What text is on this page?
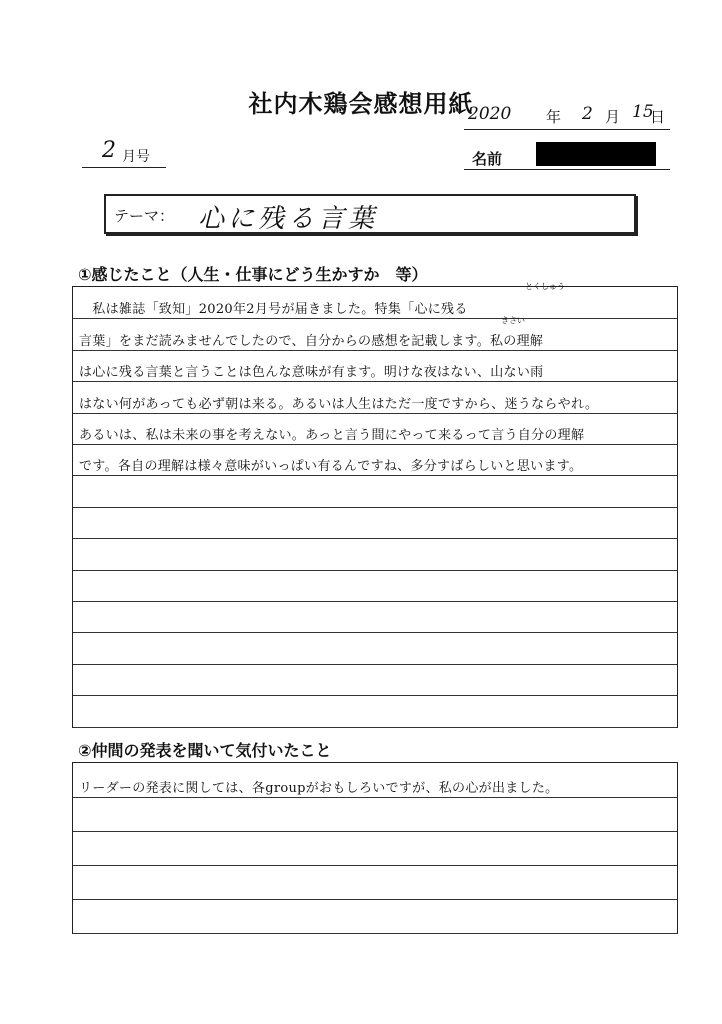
社内木鶏会感想用紙
2020 年 2 月 15
日
2 月号	名前
テーマ： 心に残る言葉
①感じたこと（人生・仕事にどう生かすか　等）
　私は雑誌「致知」2020年2月号が届きました。特集「心に残る
言葉」をまだ読みませんでしたので、自分からの感想を記載します。私の理解
は心に残る言葉と言うことは色んな意味が有ます。明けな夜はない、山ない雨
はない何があっても必ず朝は来る。あるいは人生はただ一度ですから、迷うならやれ。
あるいは、私は未来の事を考えない。あっと言う間にやって来るって言う自分の理解
です。各自の理解は様々意味がいっぱい有るんですね、多分すばらしいと思います。
とくしゅう
きさい
②仲間の発表を聞いて気付いたこと
リーダーの発表に関しては、各groupがおもしろいですが、私の心が出ました。
